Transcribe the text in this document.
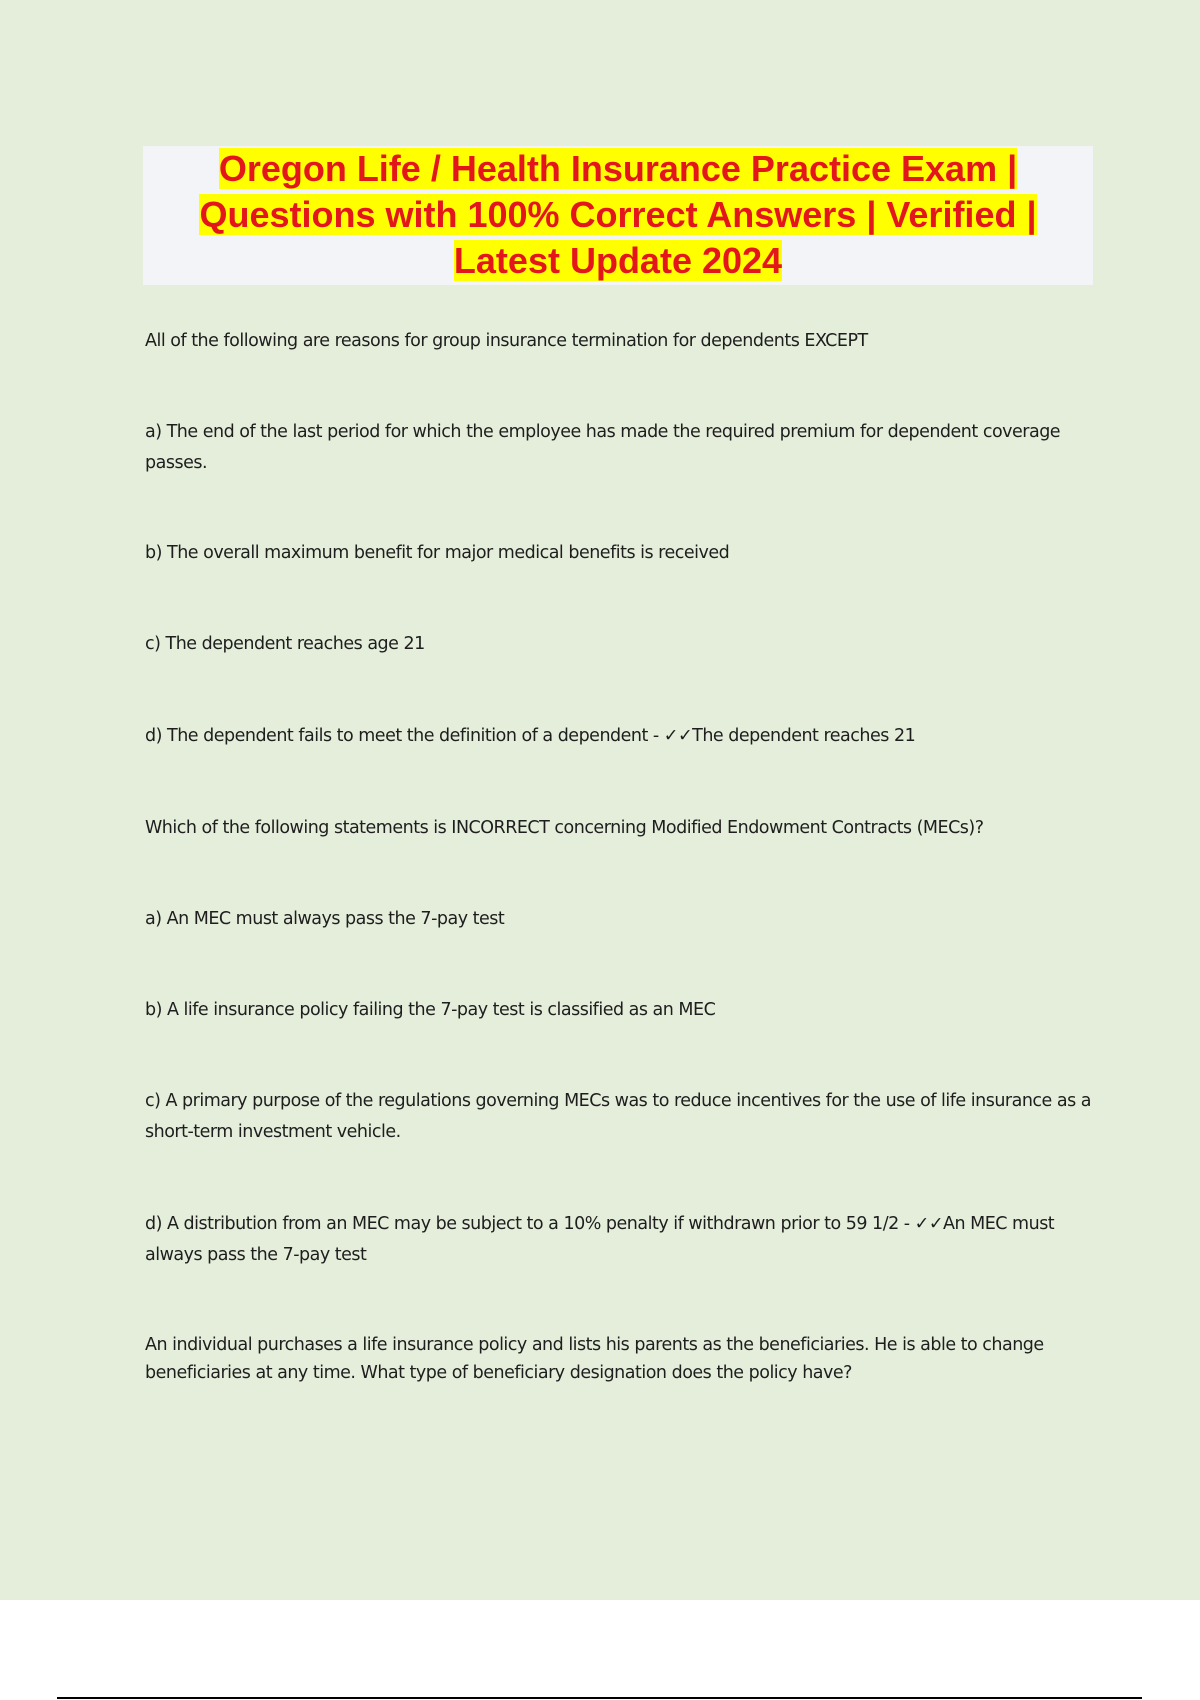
Oregon Life / Health Insurance Practice Exam |
Questions with 100% Correct Answers | Verified |
Latest Update 2024

All of the following are reasons for group insurance termination for dependents EXCEPT

a) The end of the last period for which the employee has made the required premium for dependent coverage passes.

b) The overall maximum benefit for major medical benefits is received

c) The dependent reaches age 21

d) The dependent fails to meet the definition of a dependent - ✓✓The dependent reaches 21

Which of the following statements is INCORRECT concerning Modified Endowment Contracts (MECs)?

a) An MEC must always pass the 7-pay test

b) A life insurance policy failing the 7-pay test is classified as an MEC

c) A primary purpose of the regulations governing MECs was to reduce incentives for the use of life insurance as a short-term investment vehicle.

d) A distribution from an MEC may be subject to a 10% penalty if withdrawn prior to 59 1/2 - ✓✓An MEC must always pass the 7-pay test

An individual purchases a life insurance policy and lists his parents as the beneficiaries. He is able to change beneficiaries at any time. What type of beneficiary designation does the policy have?
